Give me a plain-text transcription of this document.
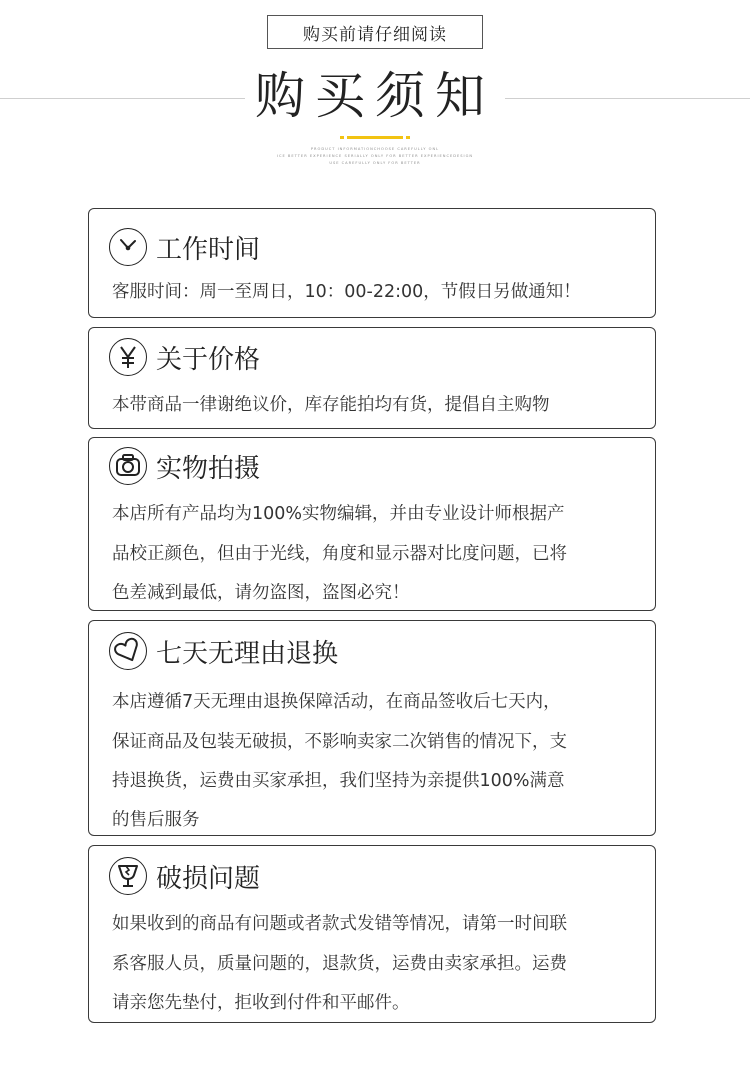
购买前请仔细阅读
购买须知
PRODUCT INFORMATIONCHOOSE CAREFULLY ONL
ICE BETTER EXPERIENCE SERIALLY ONLY FOR BETTER EXPERIENCEDESIGN
USE CAREFULLY ONLY FOR BETTER
工作时间
客服时间：周一至周日，10：00-22:00，节假日另做通知！
关于价格
本带商品一律谢绝议价，库存能拍均有货，提倡自主购物
实物拍摄
本店所有产品均为100%实物编辑，并由专业设计师根据产
品校正颜色，但由于光线，角度和显示器对比度问题，已将
色差减到最低，请勿盗图，盗图必究！
七天无理由退换
本店遵循7天无理由退换保障活动，在商品签收后七天内，
保证商品及包装无破损，不影响卖家二次销售的情况下，支
持退换货，运费由买家承担，我们坚持为亲提供100%满意
的售后服务
破损问题
如果收到的商品有问题或者款式发错等情况，请第一时间联
系客服人员，质量问题的，退款货，运费由卖家承担。运费
请亲您先垫付，拒收到付件和平邮件。
